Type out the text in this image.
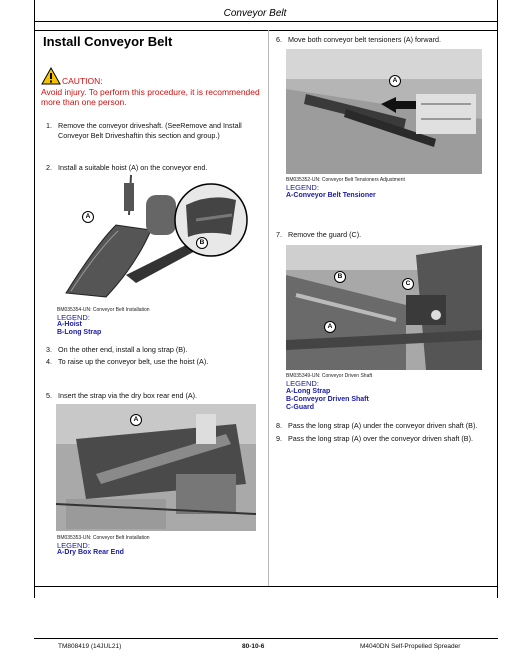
Conveyor Belt
Install Conveyor Belt
CAUTION:
Avoid injury. To perform this procedure, it is recommended more than one person.
1. Remove the conveyor driveshaft. (SeeRemove and Install Conveyor Belt Driveshaftin this section and group.)
2. Install a suitable hoist (A) on the conveyor end.
A
B
BM035354-UN: Conveyor Belt Installation
LEGEND:
A-Hoist
B-Long Strap
3. On the other end, install a long strap (B).
4. To raise up the conveyor belt, use the hoist (A).
5. Insert the strap via the dry box rear end (A).
A
BM035353-UN: Conveyor Belt Installation
LEGEND:
A-Dry Box Rear End
6. Move both conveyor belt tensioners (A) forward.
A
BM035352-UN: Conveyor Belt Tensioners Adjustment
LEGEND:
A-Conveyor Belt Tensioner
7. Remove the guard (C).
B
C
A
BM035349-UN: Conveyor Driven Shaft
LEGEND:
A-Long Strap
B-Conveyor Driven Shaft
C-Guard
8. Pass the long strap (A) under the conveyor driven shaft (B).
9. Pass the long strap (A) over the conveyor driven shaft (B).
TM808419 (14JUL21)	80-10-6	M4040DN Self-Propelled Spreader
